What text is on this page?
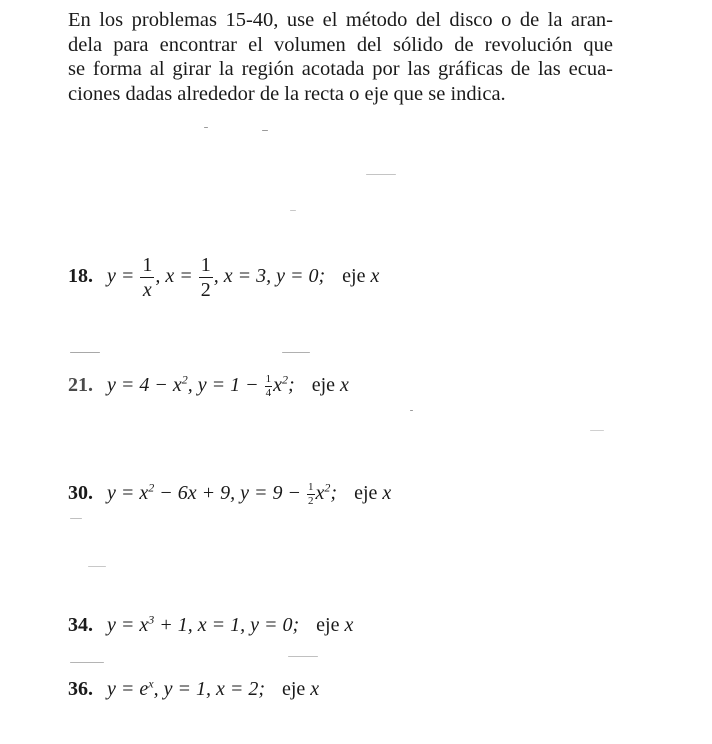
En los problemas 15-40, use el método del disco o de la aran-
dela para encontrar el volumen del sólido de revolución que
se forma al girar la región acotada por las gráficas de las ecua-
ciones dadas alrededor de la recta o eje que se indica.
18. $y = \frac{1}{x}$ , $x = \frac{1}{2}$ , x = 3, y = 0; eje x
21. $y = 4 - x^2$, $y = 1 - \frac{1}{4} x^2$; eje x
30. $y = x^2 - 6x + 9$, $y = 9 - \frac{1}{2} x^2$; eje x
34. $y = x^3 + 1$, x = 1, y = 0; eje x
36. $y = e^x$, y = 1, x = 2; eje x
